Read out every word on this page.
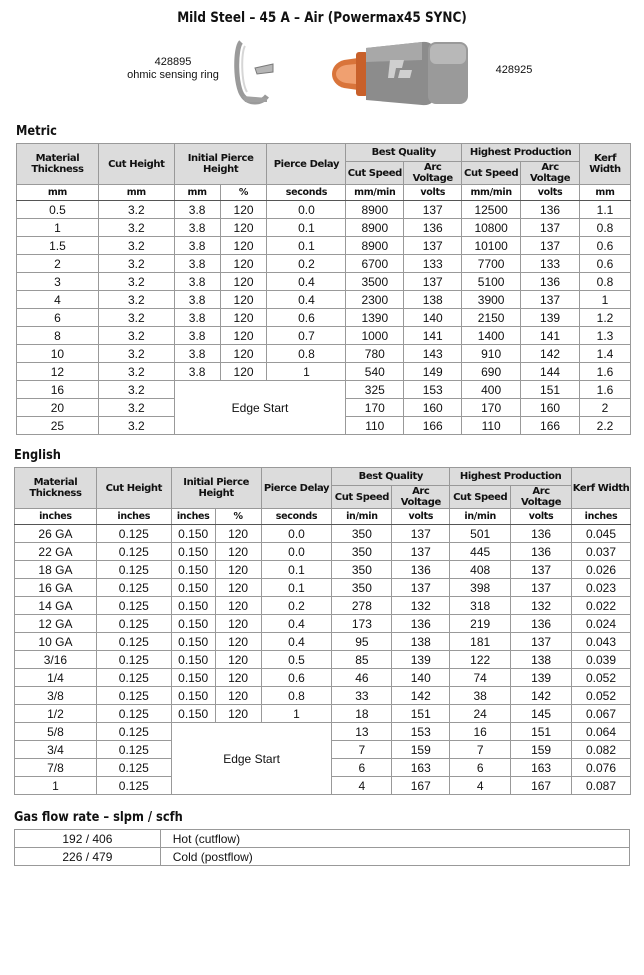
Mild Steel – 45 A – Air (Powermax45 SYNC)
428895
ohmic sensing ring	428925
Metric
Material Thickness	Cut Height	Initial Pierce Height		Pierce Delay	Best Quality		Highest Production		Kerf Width
					Cut Speed	Arc Voltage	Cut Speed	Arc Voltage	
mm	mm	mm	%	seconds	mm/min	volts	mm/min	volts	mm
0.5	3.2	3.8	120	0.0	8900	137	12500	136	1.1
1	3.2	3.8	120	0.1	8900	136	10800	137	0.8
1.5	3.2	3.8	120	0.1	8900	137	10100	137	0.6
2	3.2	3.8	120	0.2	6700	133	7700	133	0.6
3	3.2	3.8	120	0.4	3500	137	5100	136	0.8
4	3.2	3.8	120	0.4	2300	138	3900	137	1
6	3.2	3.8	120	0.6	1390	140	2150	139	1.2
8	3.2	3.8	120	0.7	1000	141	1400	141	1.3
10	3.2	3.8	120	0.8	780	143	910	142	1.4
12	3.2	3.8	120	1	540	149	690	144	1.6
16	3.2	Edge Start			325	153	400	151	1.6
20	3.2				170	160	170	160	2
25	3.2				110	166	110	166	2.2
English
Material Thickness	Cut Height	Initial Pierce Height		Pierce Delay	Best Quality		Highest Production		Kerf Width
					Cut Speed	Arc Voltage	Cut Speed	Arc Voltage	
inches	inches	inches	%	seconds	in/min	volts	in/min	volts	inches
26 GA	0.125	0.150	120	0.0	350	137	501	136	0.045
22 GA	0.125	0.150	120	0.0	350	137	445	136	0.037
18 GA	0.125	0.150	120	0.1	350	136	408	137	0.026
16 GA	0.125	0.150	120	0.1	350	137	398	137	0.023
14 GA	0.125	0.150	120	0.2	278	132	318	132	0.022
12 GA	0.125	0.150	120	0.4	173	136	219	136	0.024
10 GA	0.125	0.150	120	0.4	95	138	181	137	0.043
3/16	0.125	0.150	120	0.5	85	139	122	138	0.039
1/4	0.125	0.150	120	0.6	46	140	74	139	0.052
3/8	0.125	0.150	120	0.8	33	142	38	142	0.052
1/2	0.125	0.150	120	1	18	151	24	145	0.067
5/8	0.125	Edge Start			13	153	16	151	0.064
3/4	0.125				7	159	7	159	0.082
7/8	0.125				6	163	6	163	0.076
1	0.125				4	167	4	167	0.087
Gas flow rate – slpm / scfh
192 / 406	Hot (cutflow)
226 / 479	Cold (postflow)
